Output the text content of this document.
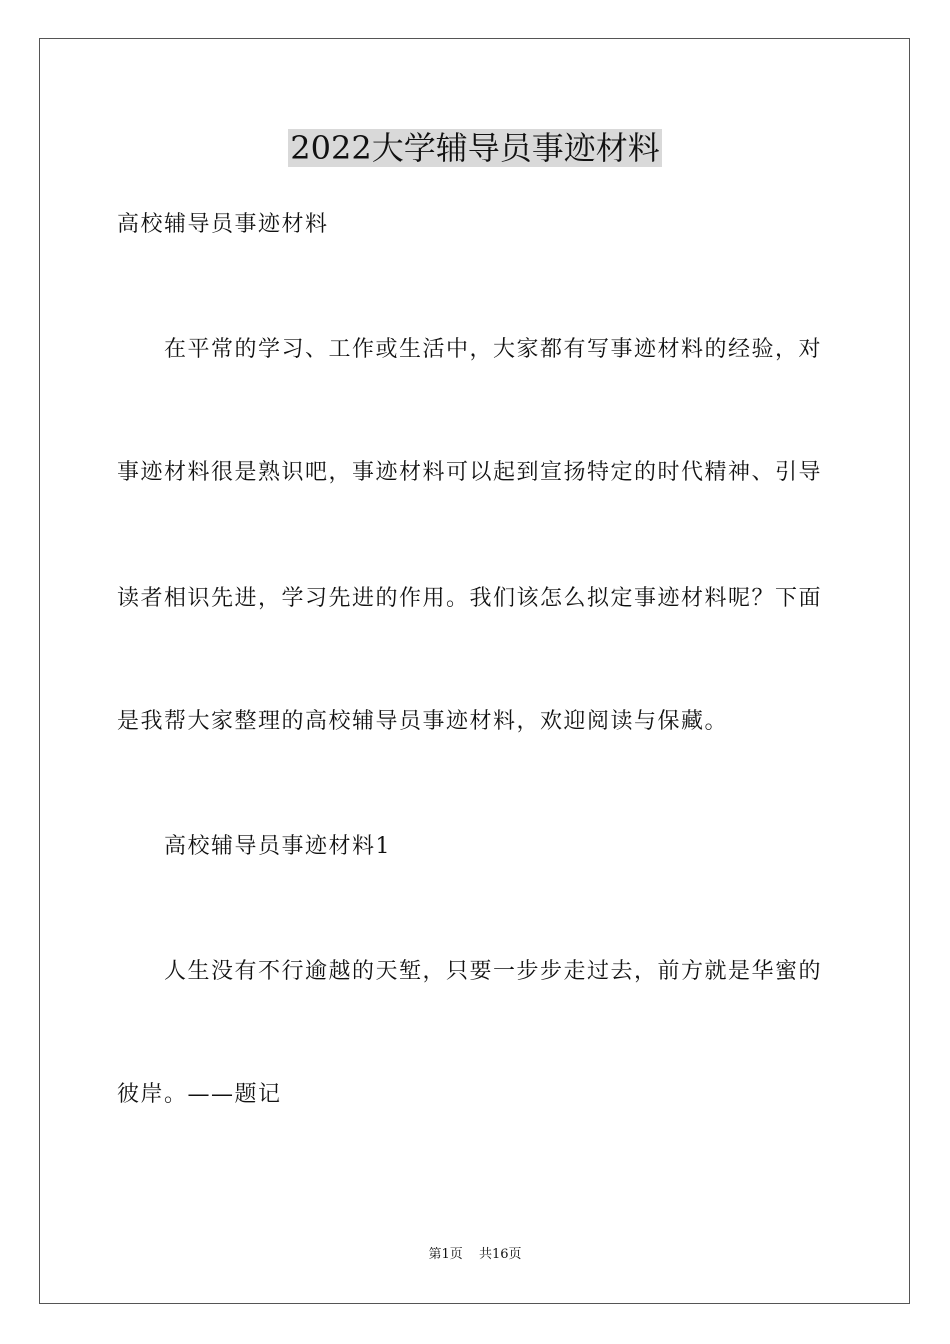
2022大学辅导员事迹材料
高校辅导员事迹材料
在平常的学习、工作或生活中，大家都有写事迹材料的经验，对
事迹材料很是熟识吧，事迹材料可以起到宣扬特定的时代精神、引导
读者相识先进，学习先进的作用。我们该怎么拟定事迹材料呢？下面
是我帮大家整理的高校辅导员事迹材料，欢迎阅读与保藏。
高校辅导员事迹材料1
人生没有不行逾越的天堑，只要一步步走过去，前方就是华蜜的
彼岸。——题记
第1页 共16页
